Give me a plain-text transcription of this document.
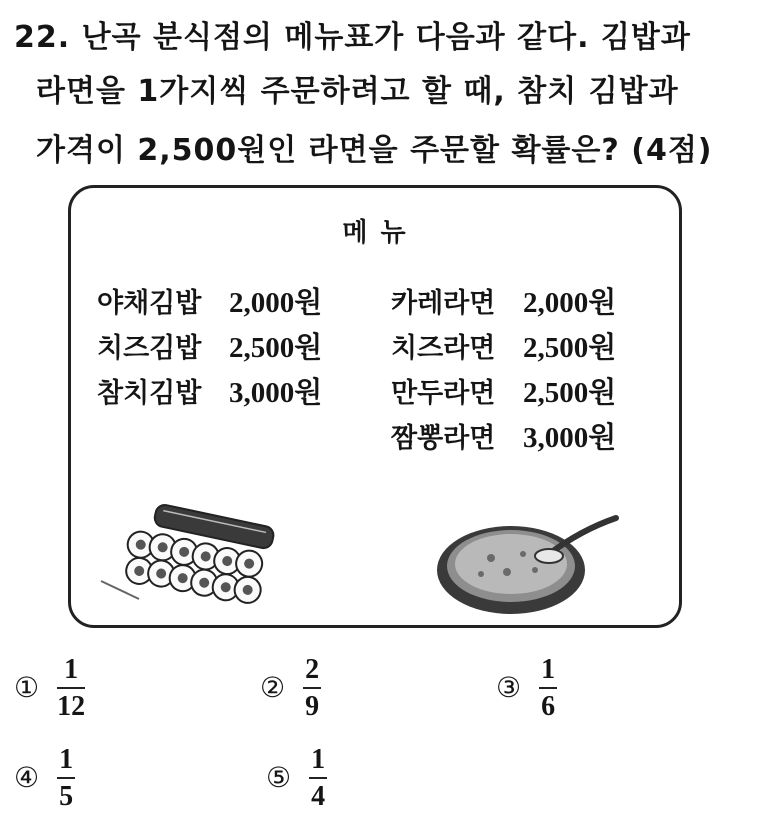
22. 난곡 분식점의 메뉴표가 다음과 같다. 김밥과
라면을 1가지씩 주문하려고 할 때, 참치 김밥과
가격이 2,500원인 라면을 주문할 확률은? (4점)
메 뉴
야채김밥 2,000원
치즈김밥 2,500원
참치김밥 3,000원
카레라면 2,000원
치즈라면 2,500원
만두라면 2,500원
짬뽕라면 3,000원
① $\frac{1}{12}$	② $\frac{2}{9}$	③ $\frac{1}{6}$
④ $\frac{1}{5}$	⑤ $\frac{1}{4}$
